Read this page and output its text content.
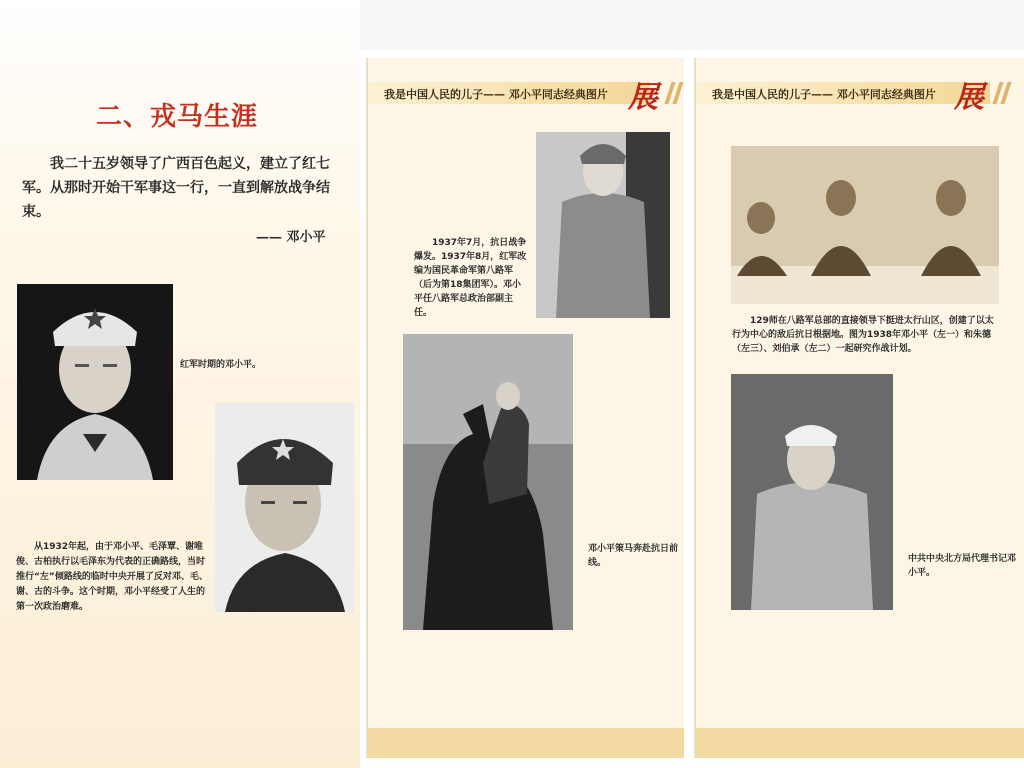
二、戎马生涯
我二十五岁领导了广西百色起义，建立了红七军。从那时开始干军事这一行，一直到解放战争结束。
—— 邓小平
红军时期的邓小平。
从1932年起，由于邓小平、毛泽覃、谢唯俊、古柏执行以毛泽东为代表的正确路线，当时推行“左”倾路线的临时中央开展了反对邓、毛、谢、古的斗争。这个时期，邓小平经受了人生的第一次政治磨难。
我是中国人民的儿子—— 邓小平同志经典图片 展
1937年7月，抗日战争爆发。1937年8月，红军改编为国民革命军第八路军（后为第18集团军）。邓小平任八路军总政治部副主任。
邓小平策马奔赴抗日前线。
我是中国人民的儿子—— 邓小平同志经典图片 展
129师在八路军总部的直接领导下挺进太行山区，创建了以太行为中心的敌后抗日根据地。图为1938年邓小平（左一）和朱德（左三）、刘伯承（左二）一起研究作战计划。
中共中央北方局代理书记邓小平。
